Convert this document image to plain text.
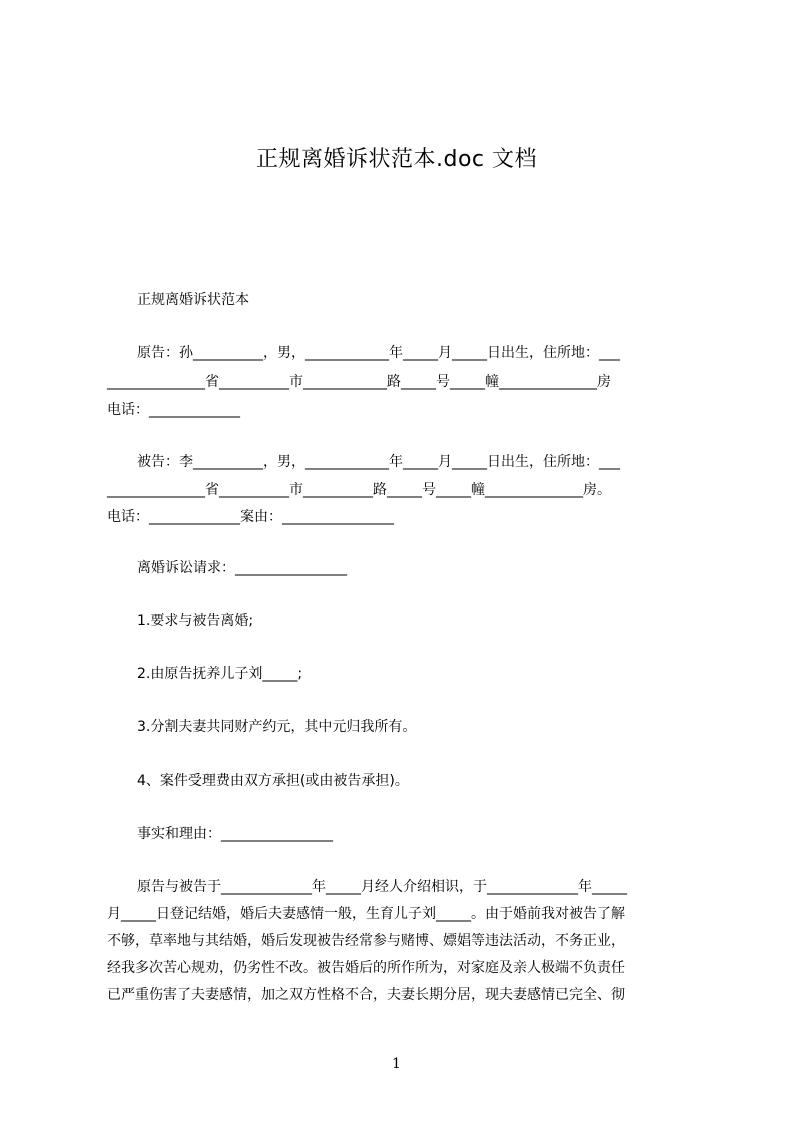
正规离婚诉状范本.doc 文档
正规离婚诉状范本
原告：孙__________，男，____________年_____月_____日出生，住所地：___
______________省__________市____________路_____号_____幢______________房
电话：_____________
被告：李__________，男，____________年_____月_____日出生，住所地：___
______________省__________市__________路_____号_____幢______________房。
电话：_____________案由：________________
离婚诉讼请求：________________
1.要求与被告离婚;
2.由原告抚养儿子刘_____;
3.分割夫妻共同财产约元，其中元归我所有。
4、案件受理费由双方承担(或由被告承担)。
事实和理由：________________
原告与被告于_____________年_____月经人介绍相识，于_____________年_____
月_____日登记结婚，婚后夫妻感情一般，生育儿子刘_____。由于婚前我对被告了解
不够，草率地与其结婚，婚后发现被告经常参与赌博、嫖娼等违法活动，不务正业，
经我多次苦心规劝，仍劣性不改。被告婚后的所作所为，对家庭及亲人极端不负责任
已严重伤害了夫妻感情，加之双方性格不合，夫妻长期分居，现夫妻感情已完全、彻
1
